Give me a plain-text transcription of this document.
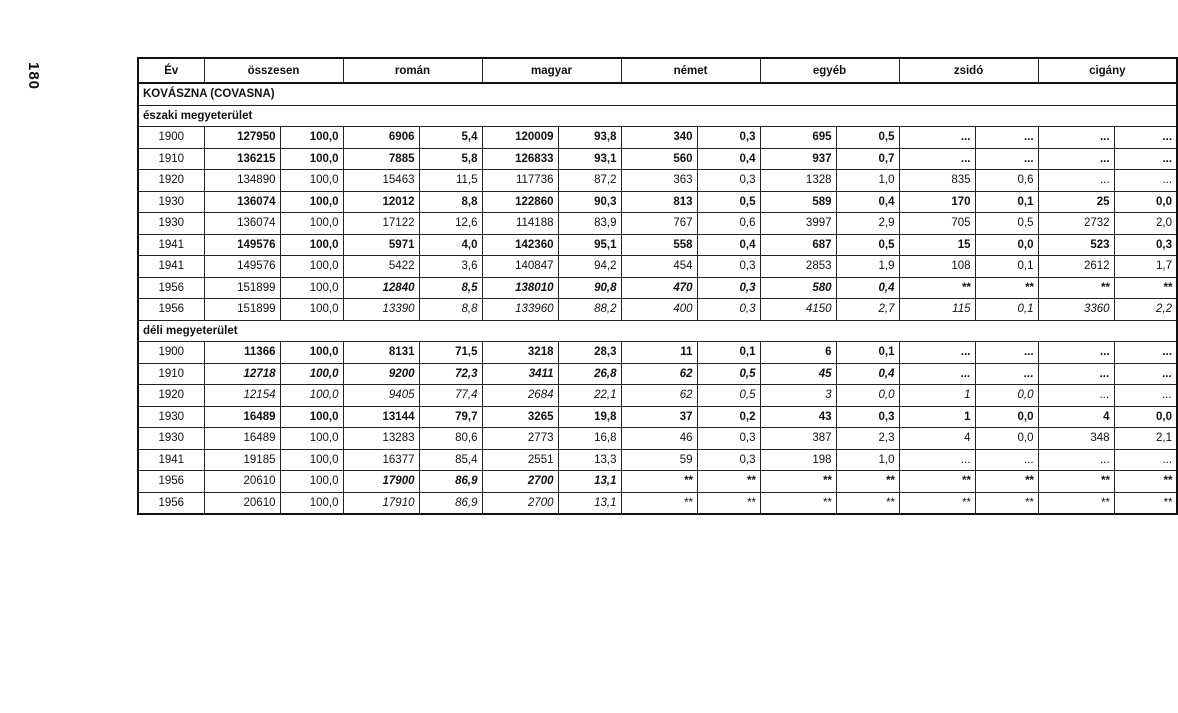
180	Év	összesen		román		magyar		német		egyéb		zsidó		cigány	
KOVÁSZNA (COVASNA)														
északi megyeterület														
1900	127950	100,0	6906	5,4	120009	93,8	340	0,3	695	0,5	...	...	...	...
1910	136215	100,0	7885	5,8	126833	93,1	560	0,4	937	0,7	...	...	...	...
1920	134890	100,0	15463	11,5	117736	87,2	363	0,3	1328	1,0	835	0,6	...	...
1930	136074	100,0	12012	8,8	122860	90,3	813	0,5	589	0,4	170	0,1	25	0,0
1930	136074	100,0	17122	12,6	114188	83,9	767	0,6	3997	2,9	705	0,5	2732	2,0
1941	149576	100,0	5971	4,0	142360	95,1	558	0,4	687	0,5	15	0,0	523	0,3
1941	149576	100,0	5422	3,6	140847	94,2	454	0,3	2853	1,9	108	0,1	2612	1,7
1956	151899	100,0	12840	8,5	138010	90,8	470	0,3	580	0,4	**	**	**	**
1956	151899	100,0	13390	8,8	133960	88,2	400	0,3	4150	2,7	115	0,1	3360	2,2
déli megyeterület														
1900	11366	100,0	8131	71,5	3218	28,3	11	0,1	6	0,1	...	...	...	...
1910	12718	100,0	9200	72,3	3411	26,8	62	0,5	45	0,4	...	...	...	...
1920	12154	100,0	9405	77,4	2684	22,1	62	0,5	3	0,0	1	0,0	...	...
1930	16489	100,0	13144	79,7	3265	19,8	37	0,2	43	0,3	1	0,0	4	0,0
1930	16489	100,0	13283	80,6	2773	16,8	46	0,3	387	2,3	4	0,0	348	2,1
1941	19185	100,0	16377	85,4	2551	13,3	59	0,3	198	1,0	...	...	...	...
1956	20610	100,0	17900	86,9	2700	13,1	**	**	**	**	**	**	**	**
1956	20610	100,0	17910	86,9	2700	13,1	**	**	**	**	**	**	**	**
